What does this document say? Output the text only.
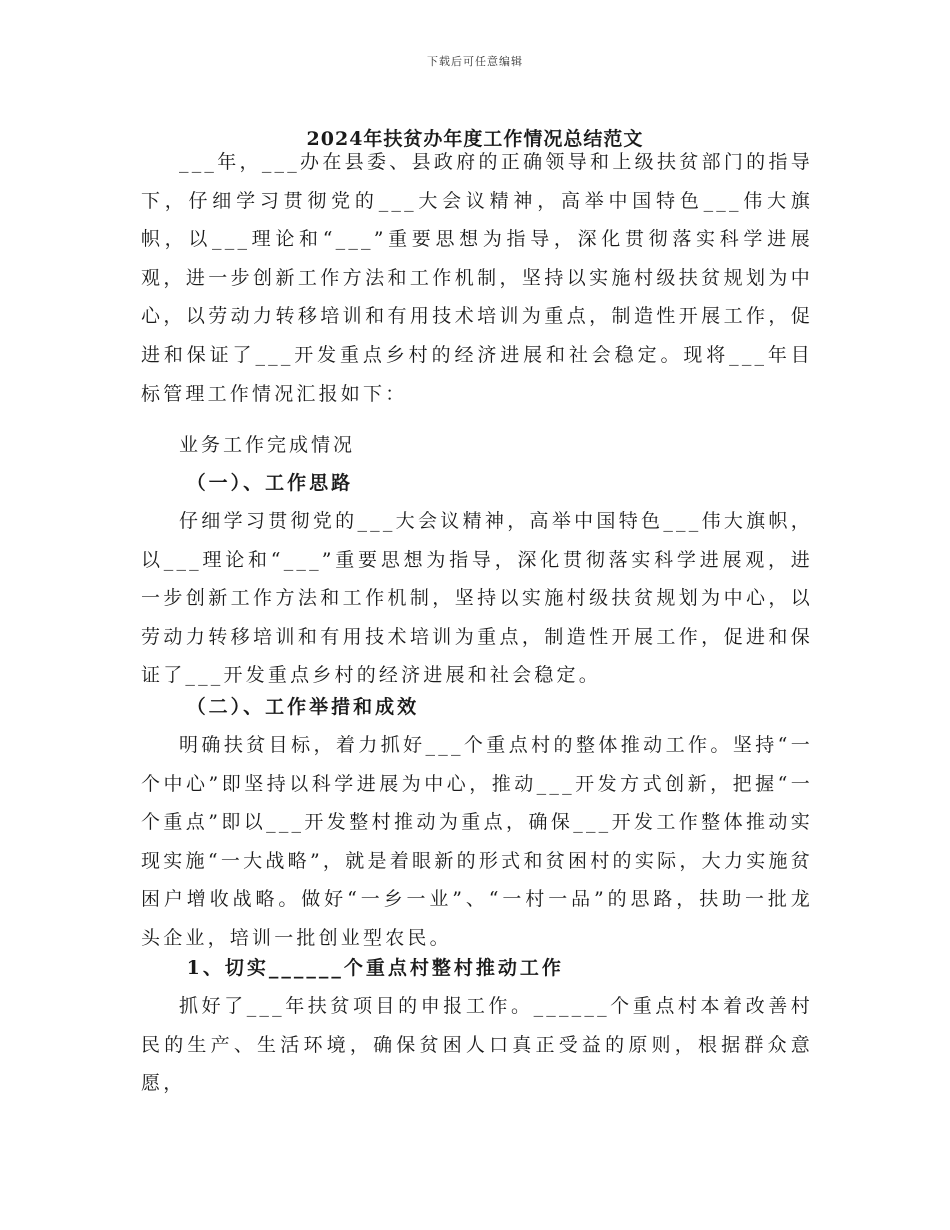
下载后可任意编辑
2024年扶贫办年度工作情况总结范文

___年，___办在县委、县政府的正确领导和上级扶贫部门的指导下，仔细学习贯彻党的___大会议精神，高举中国特色___伟大旗帜，以___理论和“___”重要思想为指导，深化贯彻落实科学进展观，进一步创新工作方法和工作机制，坚持以实施村级扶贫规划为中心，以劳动力转移培训和有用技术培训为重点，制造性开展工作，促进和保证了___开发重点乡村的经济进展和社会稳定。现将___年目标管理工作情况汇报如下：

业务工作完成情况
（一）、工作思路

仔细学习贯彻党的___大会议精神，高举中国特色___伟大旗帜，以___理论和“___”重要思想为指导，深化贯彻落实科学进展观，进一步创新工作方法和工作机制，坚持以实施村级扶贫规划为中心，以劳动力转移培训和有用技术培训为重点，制造性开展工作，促进和保证了___开发重点乡村的经济进展和社会稳定。

（二）、工作举措和成效

明确扶贫目标，着力抓好___个重点村的整体推动工作。坚持“一个中心”即坚持以科学进展为中心，推动___开发方式创新，把握“一个重点”即以___开发整村推动为重点，确保___开发工作整体推动实现实施“一大战略”，就是着眼新的形式和贫困村的实际，大力实施贫困户增收战略。做好“一乡一业”、“一村一品”的思路，扶助一批龙头企业，培训一批创业型农民。

1、切实______个重点村整村推动工作

抓好了___年扶贫项目的申报工作。______个重点村本着改善村民的生产、生活环境，确保贫困人口真正受益的原则，根据群众意愿，
